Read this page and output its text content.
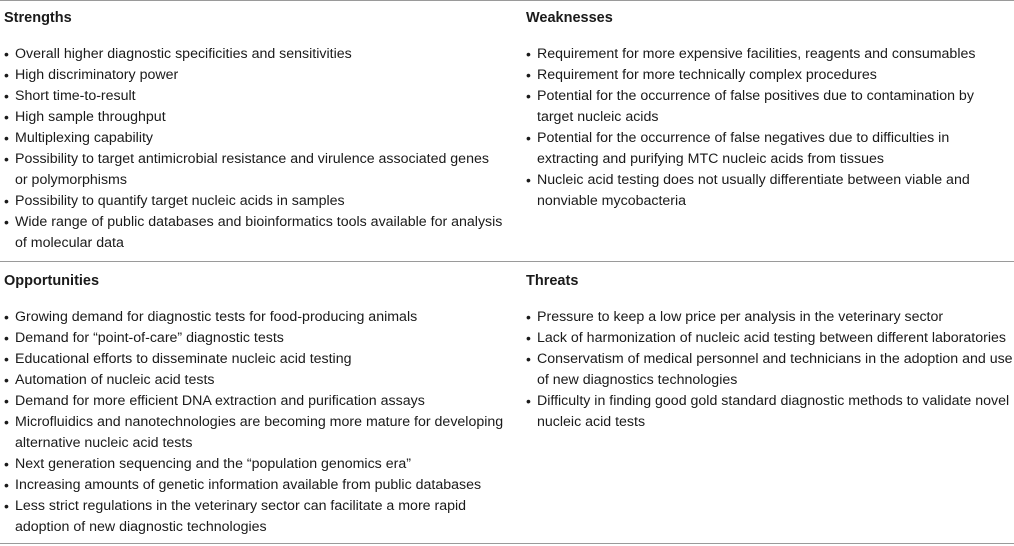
Strengths
• Overall higher diagnostic specificities and sensitivities
• High discriminatory power
• Short time-to-result
• High sample throughput
• Multiplexing capability
• Possibility to target antimicrobial resistance and virulence associated genes or polymorphisms
• Possibility to quantify target nucleic acids in samples
• Wide range of public databases and bioinformatics tools available for analysis of molecular data
Weaknesses
• Requirement for more expensive facilities, reagents and consumables
• Requirement for more technically complex procedures
• Potential for the occurrence of false positives due to contamination by target nucleic acids
• Potential for the occurrence of false negatives due to difficulties in extracting and purifying MTC nucleic acids from tissues
• Nucleic acid testing does not usually differentiate between viable and nonviable mycobacteria
Opportunities
• Growing demand for diagnostic tests for food-producing animals
• Demand for “point-of-care” diagnostic tests
• Educational efforts to disseminate nucleic acid testing
• Automation of nucleic acid tests
• Demand for more efficient DNA extraction and purification assays
• Microfluidics and nanotechnologies are becoming more mature for developing alternative nucleic acid tests
• Next generation sequencing and the “population genomics era”
• Increasing amounts of genetic information available from public databases
• Less strict regulations in the veterinary sector can facilitate a more rapid adoption of new diagnostic technologies
Threats
• Pressure to keep a low price per analysis in the veterinary sector
• Lack of harmonization of nucleic acid testing between different laboratories
• Conservatism of medical personnel and technicians in the adoption and use of new diagnostics technologies
• Difficulty in finding good gold standard diagnostic methods to validate novel nucleic acid tests
